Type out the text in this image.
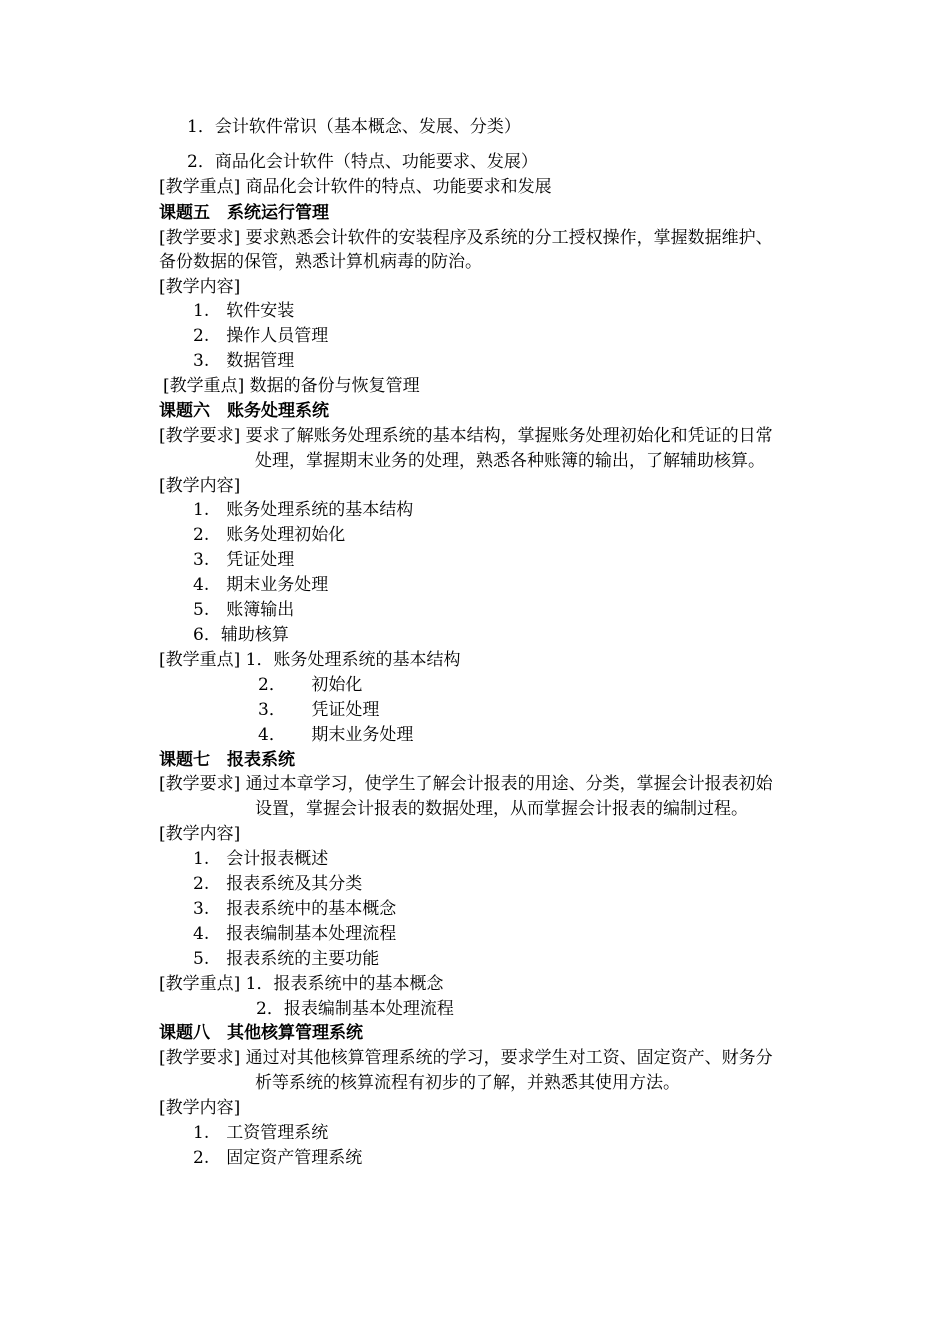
1．会计软件常识（基本概念、发展、分类）
2．商品化会计软件（特点、功能要求、发展）
[教学重点] 商品化会计软件的特点、功能要求和发展
课题五　系统运行管理
[教学要求] 要求熟悉会计软件的安装程序及系统的分工授权操作，掌握数据维护、
备份数据的保管，熟悉计算机病毒的防治。
[教学内容]
1.　软件安装
2.　操作人员管理
3.　数据管理
[教学重点] 数据的备份与恢复管理
课题六　账务处理系统
[教学要求] 要求了解账务处理系统的基本结构，掌握账务处理初始化和凭证的日常
处理，掌握期末业务的处理，熟悉各种账簿的输出，了解辅助核算。
[教学内容]
1.　账务处理系统的基本结构
2.　账务处理初始化
3.　凭证处理
4.　期末业务处理
5.　账簿输出
6．辅助核算
[教学重点] 1．账务处理系统的基本结构
2．　　初始化
3．　　凭证处理
4．　　期末业务处理
课题七　报表系统
[教学要求] 通过本章学习，使学生了解会计报表的用途、分类，掌握会计报表初始
设置，掌握会计报表的数据处理，从而掌握会计报表的编制过程。
[教学内容]
1.　会计报表概述
2.　报表系统及其分类
3.　报表系统中的基本概念
4.　报表编制基本处理流程
5.　报表系统的主要功能
[教学重点] 1．报表系统中的基本概念
2．报表编制基本处理流程
课题八　其他核算管理系统
[教学要求] 通过对其他核算管理系统的学习，要求学生对工资、固定资产、财务分
析等系统的核算流程有初步的了解，并熟悉其使用方法。
[教学内容]
1.　工资管理系统
2.　固定资产管理系统
